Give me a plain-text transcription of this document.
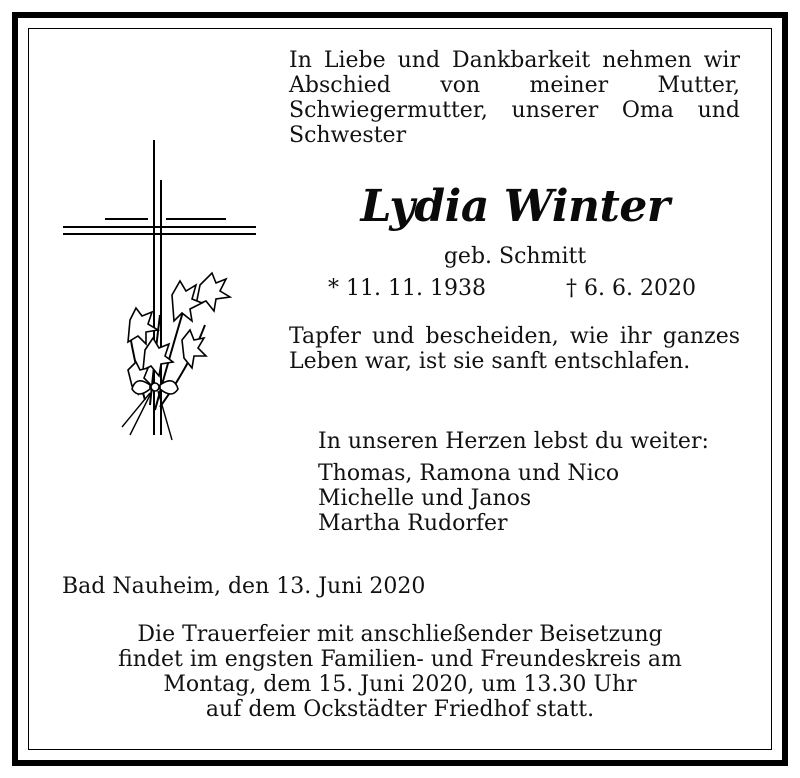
In Liebe und Dankbarkeit nehmen wir Abschied von meiner Mutter, Schwiegermutter, unserer Oma und Schwester

Lydia Winter

geb. Schmitt

* 11. 11. 1938	† 6. 6. 2020

Tapfer und bescheiden, wie ihr ganzes Leben war, ist sie sanft entschlafen.

In unseren Herzen lebst du weiter:

Thomas, Ramona und Nico
Michelle und Janos
Martha Rudorfer

Bad Nauheim, den 13. Juni 2020

Die Trauerfeier mit anschließender Beisetzung
findet im engsten Familien- und Freundeskreis am
Montag, dem 15. Juni 2020, um 13.30 Uhr
auf dem Ockstädter Friedhof statt.
